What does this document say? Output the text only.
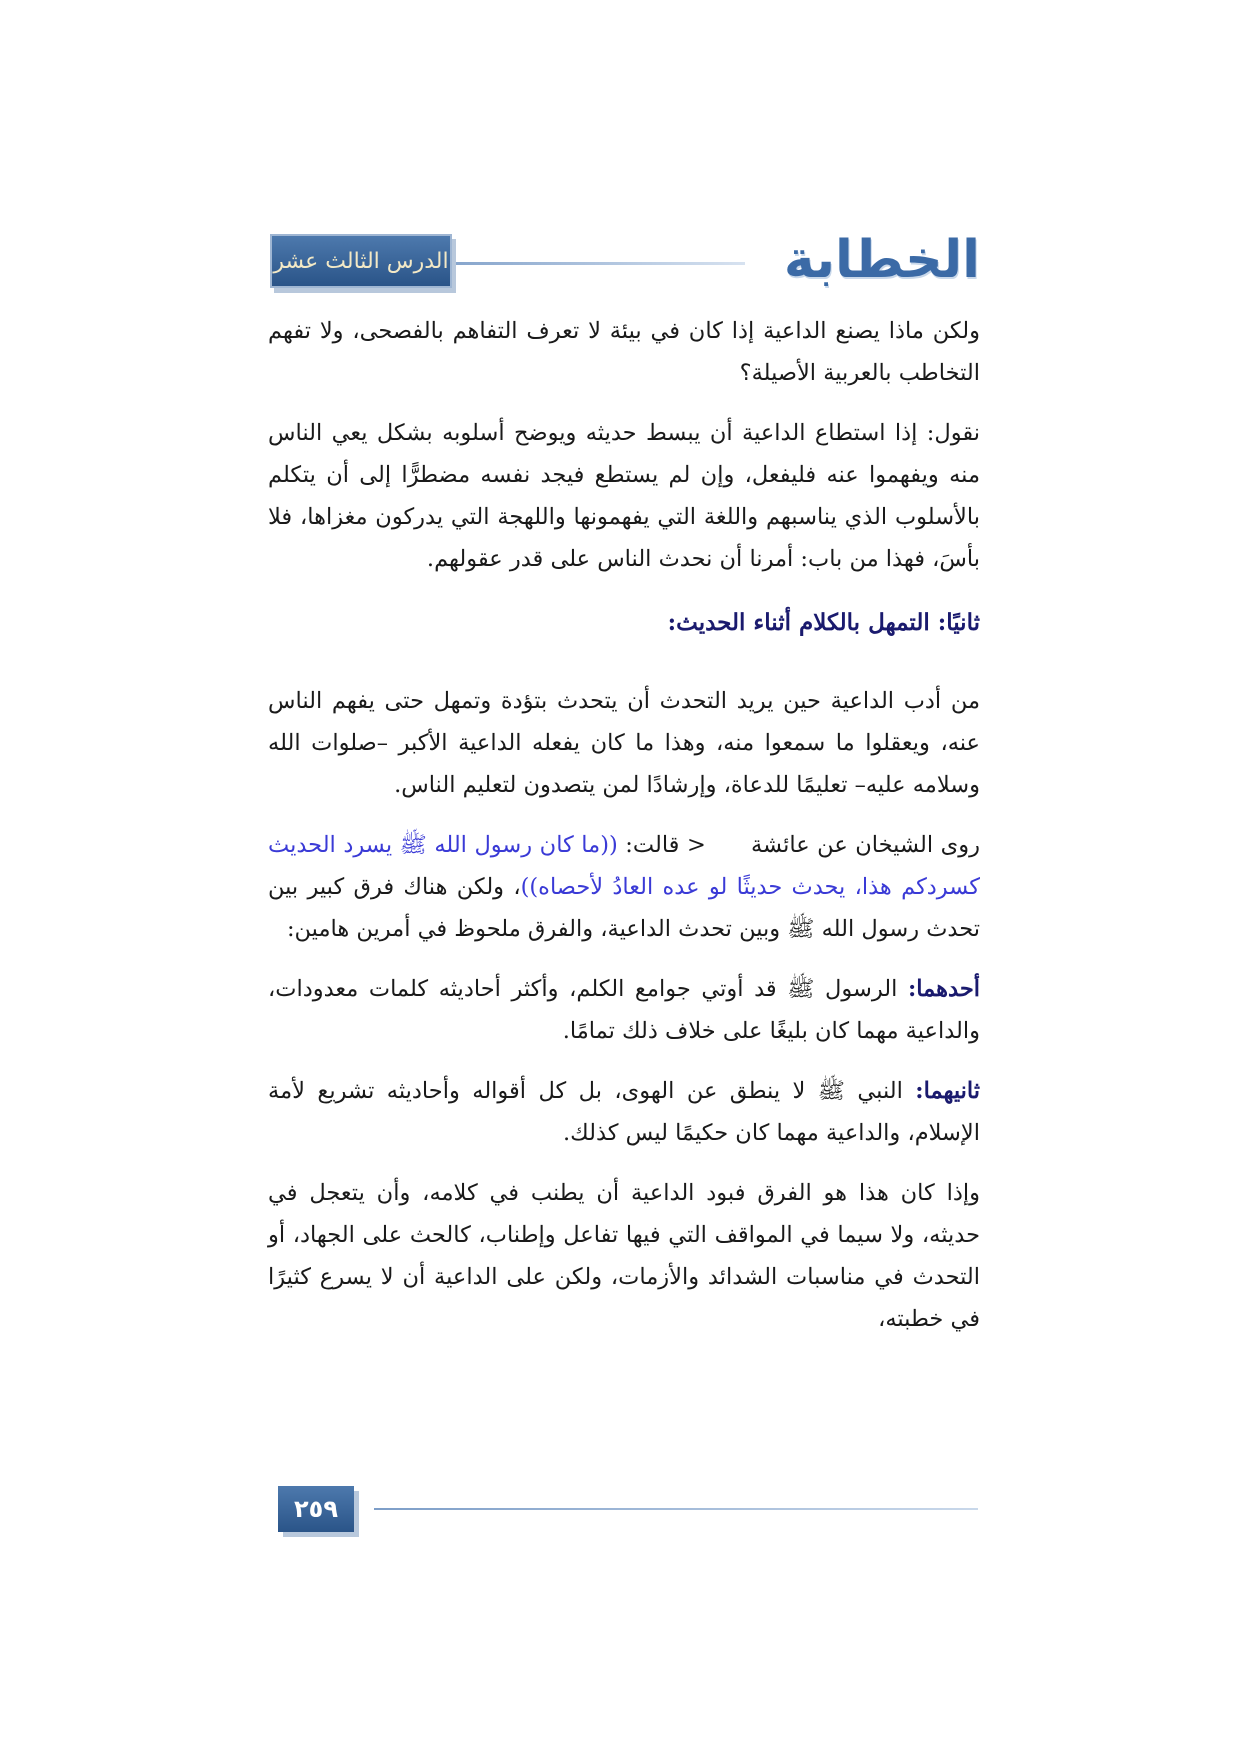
الخطابة
الدرس الثالث عشر

ولكن ماذا يصنع الداعية إذا كان في بيئة لا تعرف التفاهم بالفصحى، ولا تفهم التخاطب بالعربية الأصيلة؟

نقول: إذا استطاع الداعية أن يبسط حديثه ويوضح أسلوبه بشكل يعي الناس منه ويفهموا عنه فليفعل، وإن لم يستطع فيجد نفسه مضطرًّا إلى أن يتكلم بالأسلوب الذي يناسبهم واللغة التي يفهمونها واللهجة التي يدركون مغزاها، فلا بأسَ، فهذا من باب: أمرنا أن نحدث الناس على قدر عقولهم.

ثانيًا: التمهل بالكلام أثناء الحديث:

من أدب الداعية حين يريد التحدث أن يتحدث بتؤدة وتمهل حتى يفهم الناس عنه، ويعقلوا ما سمعوا منه، وهذا ما كان يفعله الداعية الأكبر –صلوات الله وسلامه عليه– تعليمًا للدعاة، وإرشادًا لمن يتصدون لتعليم الناس.

روى الشيخان عن عائشة      < قالت: ((ما كان رسول الله ﷺ يسرد الحديث كسردكم هذا، يحدث حديثًا لو عده العادُ لأحصاه))، ولكن هناك فرق كبير بين تحدث رسول الله ﷺ وبين تحدث الداعية، والفرق ملحوظ في أمرين هامين:

أحدهما: الرسول ﷺ قد أوتي جوامع الكلم، وأكثر أحاديثه كلمات معدودات، والداعية مهما كان بليغًا على خلاف ذلك تمامًا.

ثانيهما: النبي ﷺ لا ينطق عن الهوى، بل كل أقواله وأحاديثه تشريع لأمة الإسلام، والداعية مهما كان حكيمًا ليس كذلك.

وإذا كان هذا هو الفرق فبود الداعية أن يطنب في كلامه، وأن يتعجل في حديثه، ولا سيما في المواقف التي فيها تفاعل وإطناب، كالحث على الجهاد، أو التحدث في مناسبات الشدائد والأزمات، ولكن على الداعية أن لا يسرع كثيرًا في خطبته،

٢٥٩
